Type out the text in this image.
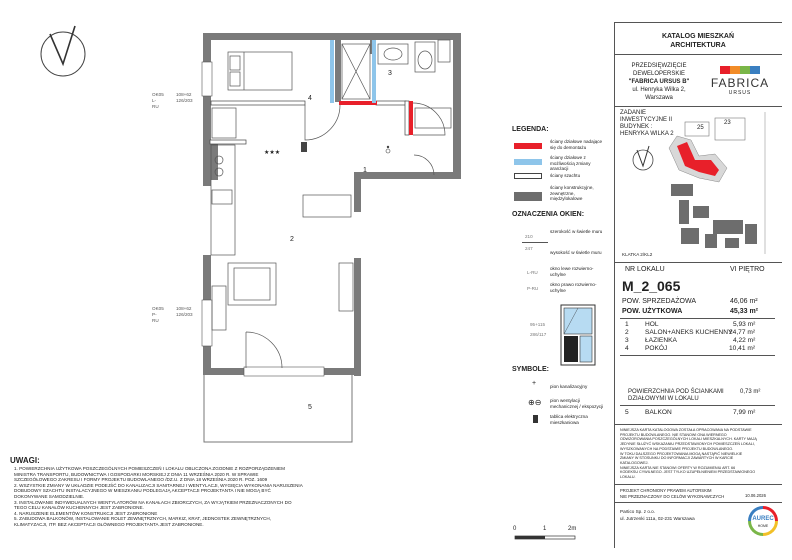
4
3
1
2
5
★★★
OK05
L-RU
108+62
126/203
OK05
P-RU
108+62
126/203
0	1	2m
LEGENDA:
ściany działowe nadające się do demontażu
ściany działowe z możliwością zmiany aranżacji
ściany szachtu
ściany konstrukcyjne, zewnętrzne, międzylokalowe
OZNACZENIA OKIEN:
210
247
szerokość w świetle muru
wysokość w świetle muru
L-RU
okno lewe rozwierno-uchylne
P-RU
okno prawo rozwierno-uchylne
95+115
286/117
SYMBOLE:
+	pion kanalizacyjny
⊕⊖ pion wentylacji mechanicznej / ekspozycji
tablica elektryczna mieszkaniowa
UWAGI:
1. POWIERZCHNIA UŻYTKOWA POSZCZEGÓLNYCH POMIESZCZEŃ I LOKALU OBLICZONA ZGODNIE Z ROZPORZĄDZENIEM
MINISTRA TRANSPORTU, BUDOWNICTWA I GOSPODARKI MORSKIEJ Z DNIA 11 WRZEŚNIA 2020 R. W SPRAWIE
SZCZEGÓŁOWEGO ZAKRESU I FORMY PROJEKTU BUDOWLANEGO /DZ.U. Z DNIA 18 WRZEŚNIA 2020 R. POZ. 1609
2. WSZYSTKIE ZMIANY W UKŁADZIE PODEJŚĆ DO KANALIZACJI SANITARNEJ I WENTYLACJI, WYGIĘCIA WYKONANIA NARUSZENIA
DOBUDOWY SZACHTU INSTALACYJNEGO W MIESZKANIU PODLEGAJĄ AKCEPTACJI PROJEKTANTA I NIE MOGĄ BYĆ
DOKONYWANE SAMODZIELNIE.
3. INSTALOWANIE INDYWIDUALNYCH WENTYLATORÓW NA KANAŁACH ZBIORCZYCH, ZA WYJĄTKIEM PRZEZNACZONYCH DO
TEGO CELU KANAŁÓW KUCHENNYCH JEST ZABRONIONE.
4. NARUSZENIE ELEMENTÓW KONSTRUKCJI JEST ZABRONIONE
5. ZABUDOWA BALKONÓW, INSTALOWANIE ROLET ZEWNĘTRZNYCH, MARKIZ, KRAT, JEDNOSTEK ZEWNĘTRZNYCH,
KLIMATYZACJI, ITP. BEZ AKCEPTACJI GŁÓWNEGO PROJEKTANTA JEST ZABRONIONE.
KATALOG MIESZKAŃ
ARCHITEKTURA
PRZEDSIĘWZIĘCIE
DEWELOPERSKIE
"FABRICA URSUS B"
ul. Henryka Wilka 2,
Warszawa
FABRICA
URSUS
ZADANIE
INWESTYCYJNE II
BUDYNEK :
HENRYKA WILKA 2
25
23
KLATKA 2/KL2
NR LOKALU	VI PIĘTRO
M_2_065
POW. SPRZEDAŻOWA	46,06 m²
POW. UŻYTKOWA	45,33 m²
1 HOL	5,93 m²
2 SALON+ANEKS KUCHENNY
24,77 m²
3 ŁAZIENKA	4,22 m²
4 POKÓJ	10,41 m²
POWIERZCHNIA POD ŚCIANKAMI
DZIAŁOWYMI W LOKALU
0,73 m²
5 BALKON	7,99 m²
NINIEJSZA KARTA KATALOGOWA ZOSTAŁA OPRACOWANA NA PODSTAWIE
PROJEKTU BUDOWLANEGO. NIE STANOWI ONA WIERNEGO
ODWZOROWANIA POSZCZEGÓLNYCH LOKALI MIESZKALNYCH. KARTY MAJĄ
JEDYNIE SŁUŻYĆ WSKAZANIU PRZEDSTAWIONYCH POMIESZCZEŃ LOKALI,
WYSZKOWANYCH NA PODSTAWIE PROJEKTU BUDOWLANEGO.
W TOKU DALSZEGO PROJEKTOWANIA MOGĄ NASTĄPIĆ NIEWIELKIE
ZMIANY W STOSUNKU DO INFORMACJI ZAWARTYCH W KARCIE
KATALOGOWEJ.
NINIEJSZA KARTA NIE STANOWI OFERTY W ROZUMIENIU ART. 66
KODEKSU CYWILNEGO. JEST TYLKO UZUPEŁNIENIEM PRZEDSTAWIONEGO
LOKALU.
PROJEKT CHRONIONY PRAWEM AUTORSKIM
NIE PRZEZNACZONY DO CELÓW WYKONAWCZYCH	10.06.2026
Partico Sp. z o.o.
ul. Jutrzenki 111a, 02-231 Warszawa	AUREC
HOME
